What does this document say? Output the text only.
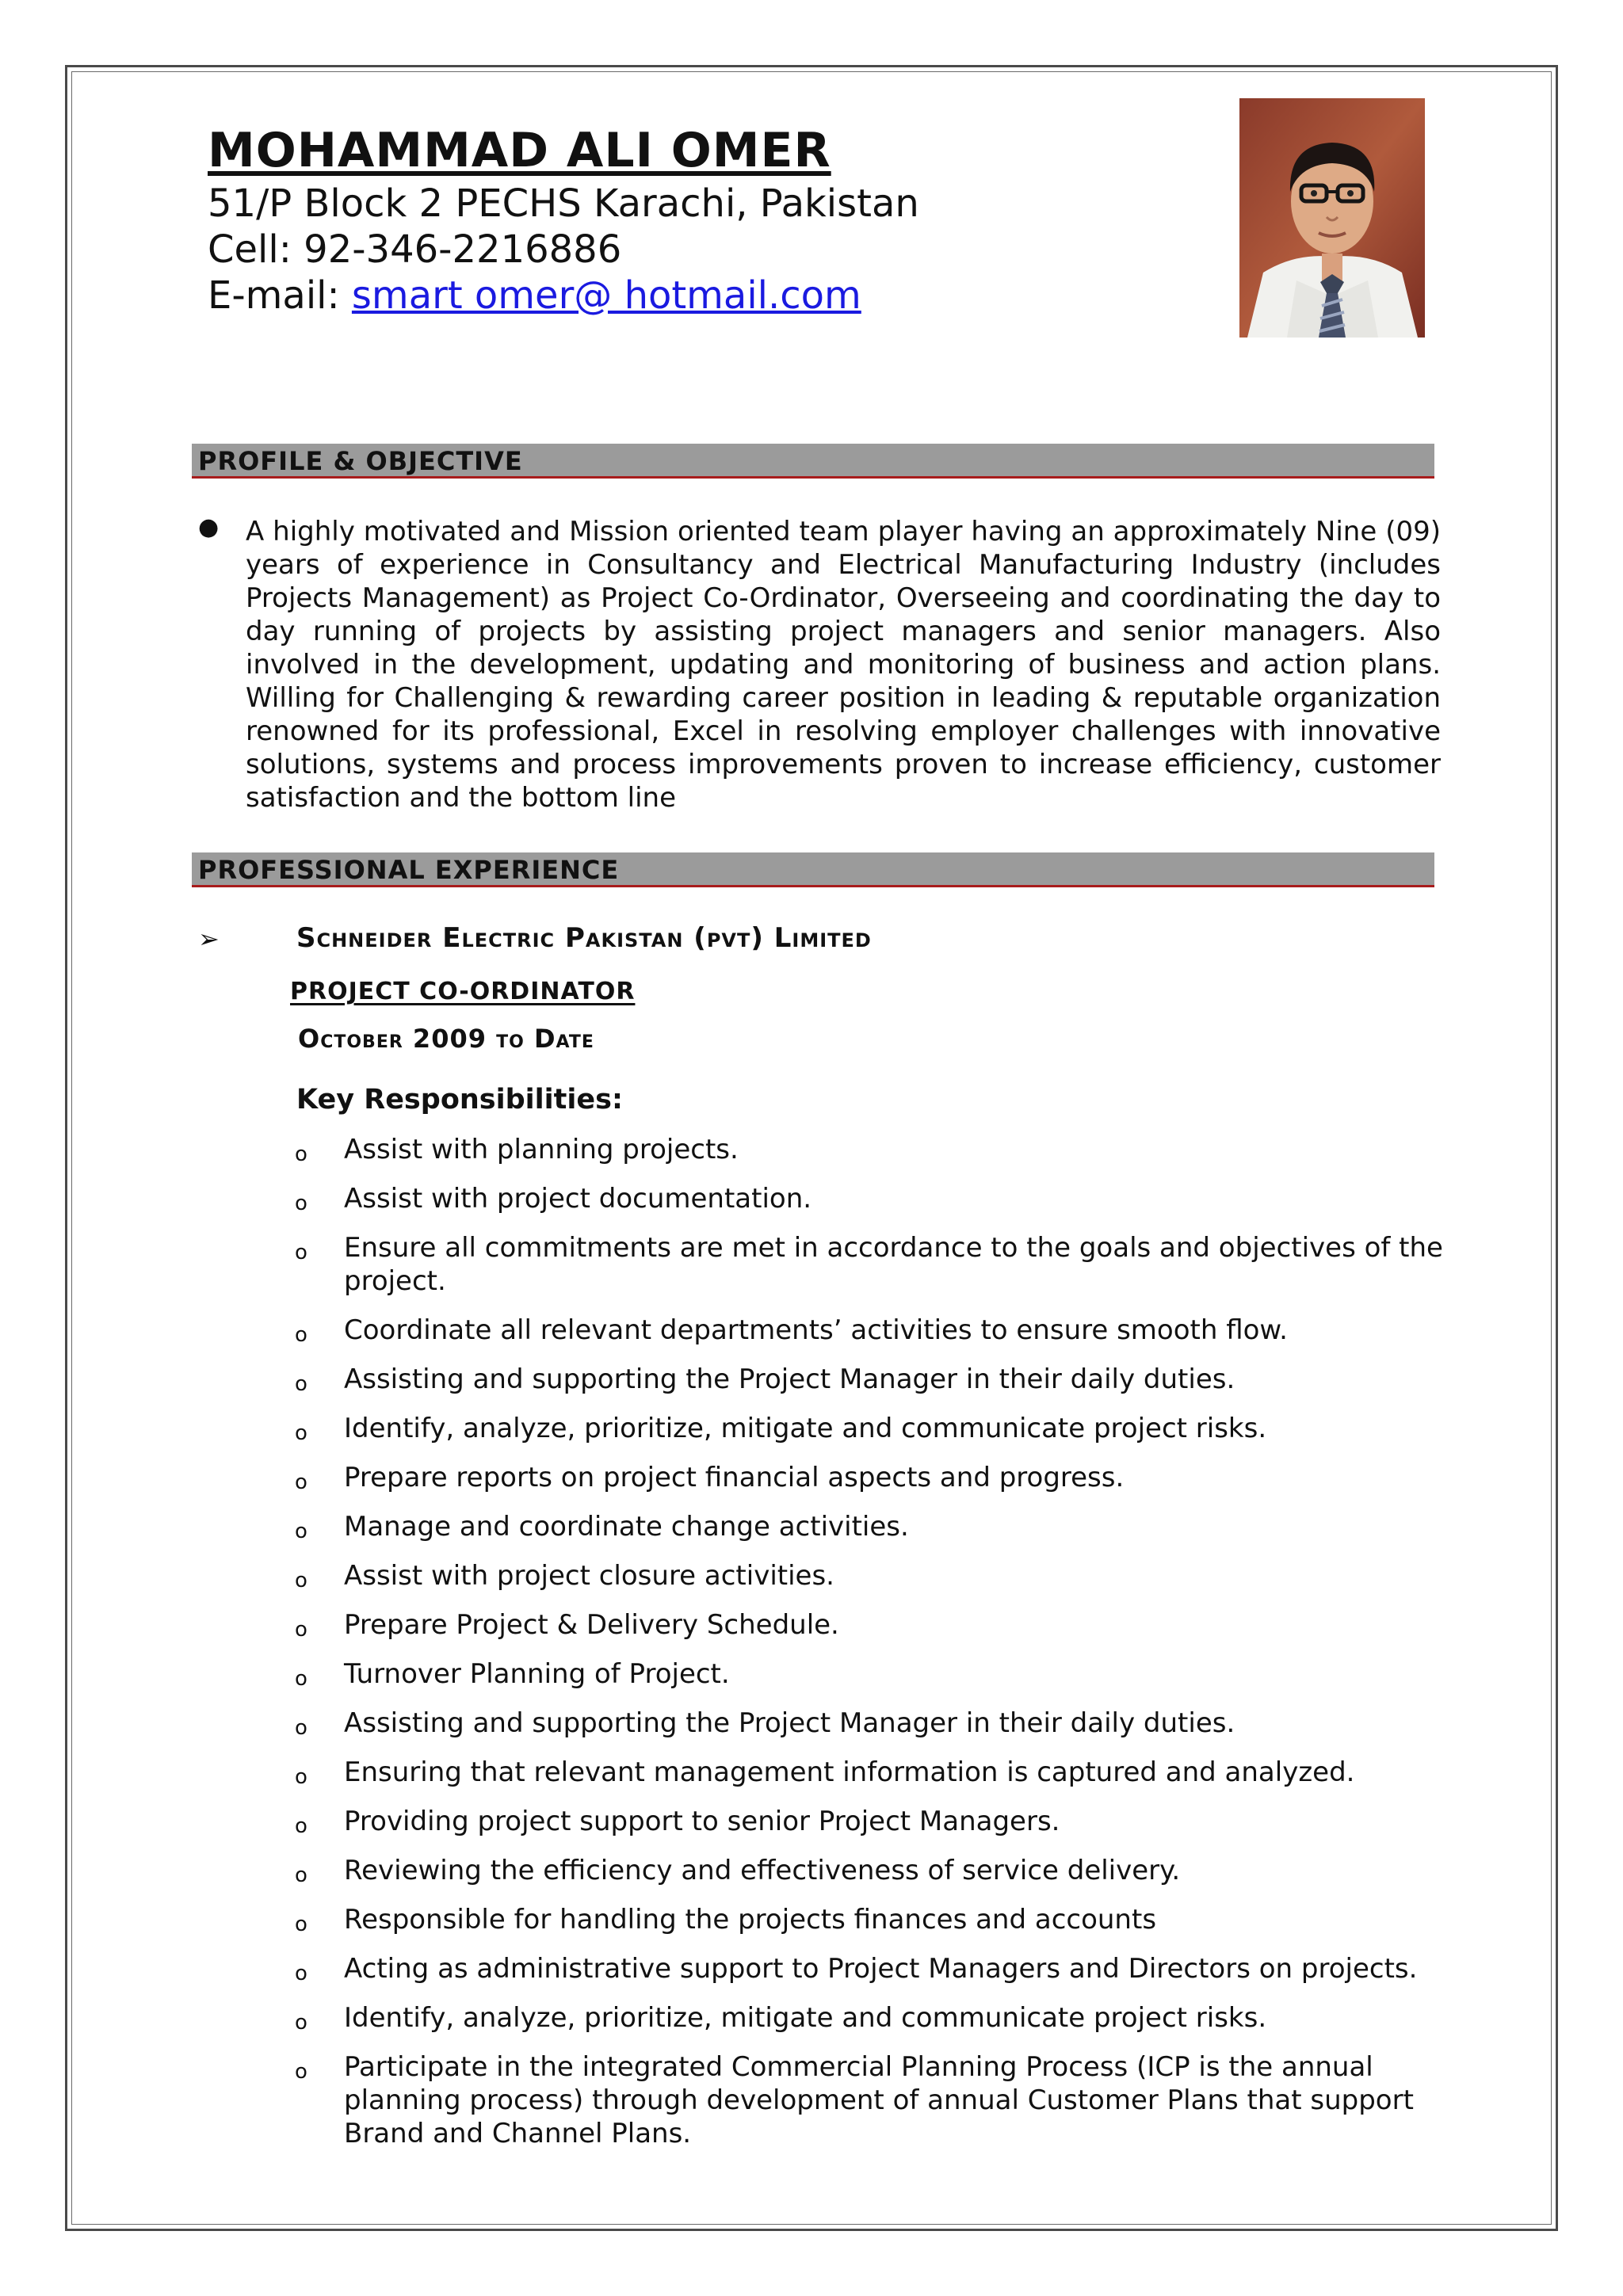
MOHAMMAD ALI OMER
51/P Block 2 PECHS Karachi, Pakistan
Cell: 92-346-2216886
E-mail: smart omer@ hotmail.com
PROFILE & OBJECTIVE
● A highly motivated and Mission oriented team player having an approximately Nine (09) years of experience in Consultancy and Electrical Manufacturing Industry (includes Projects Management) as Project Co-Ordinator, Overseeing and coordinating the day to day running of projects by assisting project managers and senior managers. Also involved in the development, updating and monitoring of business and action plans. Willing for Challenging & rewarding career position in leading & reputable organization renowned for its professional, Excel in resolving employer challenges with innovative solutions, systems and process improvements proven to increase efficiency, customer satisfaction and the bottom line
PROFESSIONAL EXPERIENCE
➢	Schneider Electric Pakistan (pvt) Limited
PROJECT CO-ORDINATOR
October 2009 to Date
Key Responsibilities:
o Assist with planning projects.
o Assist with project documentation.
o Ensure all commitments are met in accordance to the goals and objectives of the project.
o Coordinate all relevant departments’ activities to ensure smooth flow.
o Assisting and supporting the Project Manager in their daily duties.
o Identify, analyze, prioritize, mitigate and communicate project risks.
o Prepare reports on project financial aspects and progress.
o Manage and coordinate change activities.
o Assist with project closure activities.
o Prepare Project & Delivery Schedule.
o Turnover Planning of Project.
o Assisting and supporting the Project Manager in their daily duties.
o Ensuring that relevant management information is captured and analyzed.
o Providing project support to senior Project Managers.
o Reviewing the efficiency and effectiveness of service delivery.
o Responsible for handling the projects finances and accounts
o Acting as administrative support to Project Managers and Directors on projects.
o Identify, analyze, prioritize, mitigate and communicate project risks.
o Participate in the integrated Commercial Planning Process (ICP is the annual planning process) through development of annual Customer Plans that support Brand and Channel Plans.
